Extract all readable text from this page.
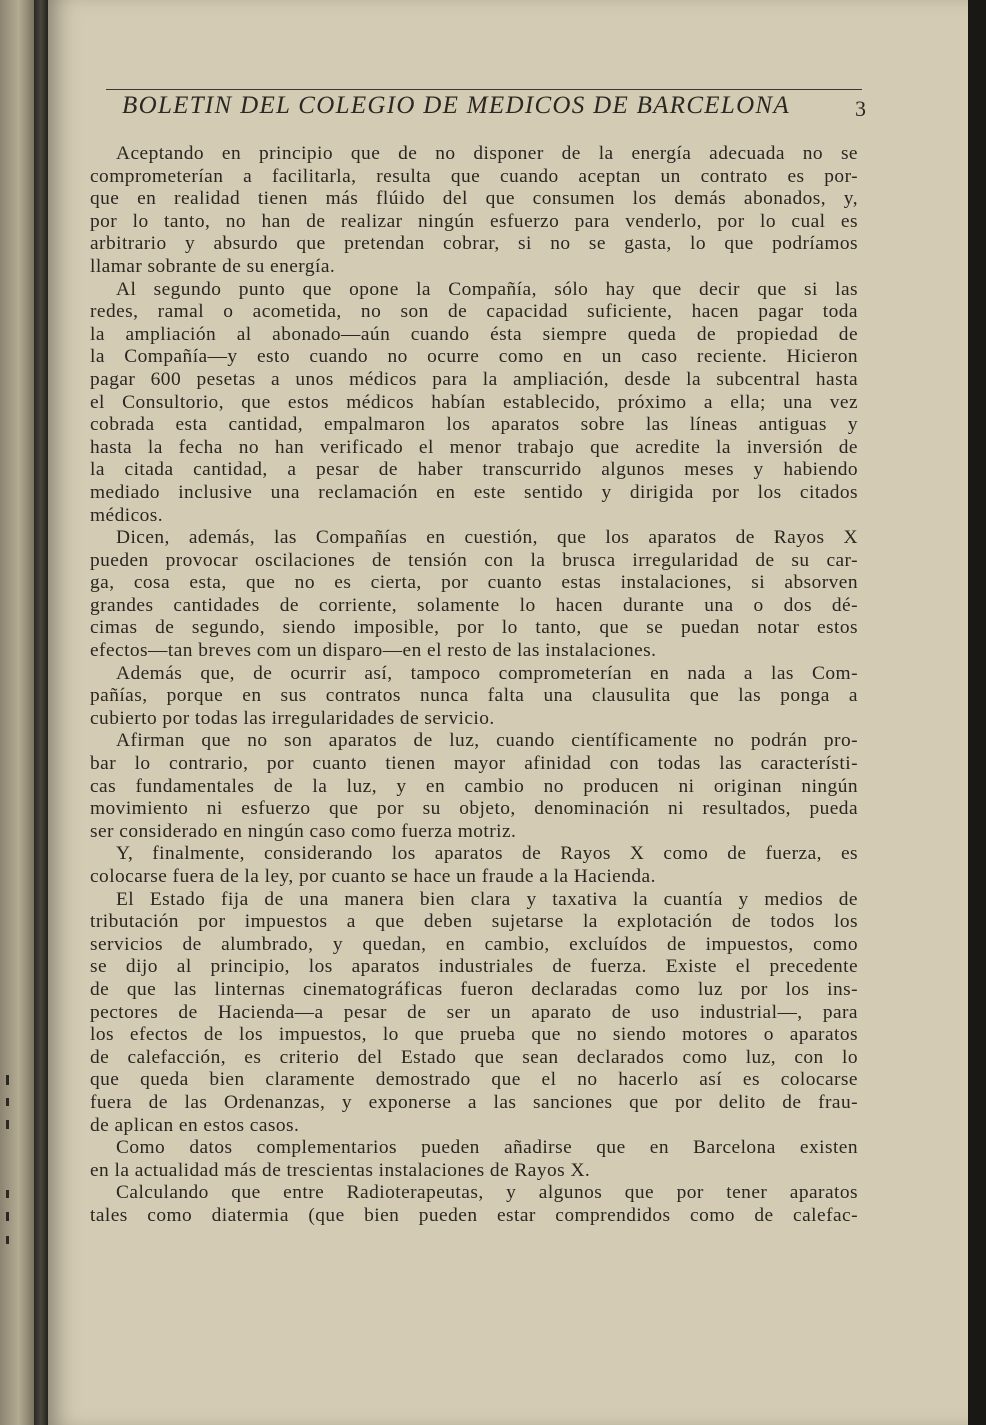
BOLETIN DEL COLEGIO DE MEDICOS DE BARCELONA	3
Aceptando en principio que de no disponer de la energía adecuada no se
comprometerían a facilitarla, resulta que cuando aceptan un contrato es por-
que en realidad tienen más flúido del que consumen los demás abonados, y,
por lo tanto, no han de realizar ningún esfuerzo para venderlo, por lo cual es
arbitrario y absurdo que pretendan cobrar, si no se gasta, lo que podríamos
llamar sobrante de su energía.
Al segundo punto que opone la Compañía, sólo hay que decir que si las
redes, ramal o acometida, no son de capacidad suficiente, hacen pagar toda
la ampliación al abonado—aún cuando ésta siempre queda de propiedad de
la Compañía—y esto cuando no ocurre como en un caso reciente. Hicieron
pagar 600 pesetas a unos médicos para la ampliación, desde la subcentral hasta
el Consultorio, que estos médicos habían establecido, próximo a ella; una vez
cobrada esta cantidad, empalmaron los aparatos sobre las líneas antiguas y
hasta la fecha no han verificado el menor trabajo que acredite la inversión de
la citada cantidad, a pesar de haber transcurrido algunos meses y habiendo
mediado inclusive una reclamación en este sentido y dirigida por los citados
médicos.
Dicen, además, las Compañías en cuestión, que los aparatos de Rayos X
pueden provocar oscilaciones de tensión con la brusca irregularidad de su car-
ga, cosa esta, que no es cierta, por cuanto estas instalaciones, si absorven
grandes cantidades de corriente, solamente lo hacen durante una o dos dé-
cimas de segundo, siendo imposible, por lo tanto, que se puedan notar estos
efectos—tan breves com un disparo—en el resto de las instalaciones.
Además que, de ocurrir así, tampoco comprometerían en nada a las Com-
pañías, porque en sus contratos nunca falta una clausulita que las ponga a
cubierto por todas las irregularidades de servicio.
Afirman que no son aparatos de luz, cuando científicamente no podrán pro-
bar lo contrario, por cuanto tienen mayor afinidad con todas las característi-
cas fundamentales de la luz, y en cambio no producen ni originan ningún
movimiento ni esfuerzo que por su objeto, denominación ni resultados, pueda
ser considerado en ningún caso como fuerza motriz.
Y, finalmente, considerando los aparatos de Rayos X como de fuerza, es
colocarse fuera de la ley, por cuanto se hace un fraude a la Hacienda.
El Estado fija de una manera bien clara y taxativa la cuantía y medios de
tributación por impuestos a que deben sujetarse la explotación de todos los
servicios de alumbrado, y quedan, en cambio, excluídos de impuestos, como
se dijo al principio, los aparatos industriales de fuerza. Existe el precedente
de que las linternas cinematográficas fueron declaradas como luz por los ins-
pectores de Hacienda—a pesar de ser un aparato de uso industrial—, para
los efectos de los impuestos, lo que prueba que no siendo motores o aparatos
de calefacción, es criterio del Estado que sean declarados como luz, con lo
que queda bien claramente demostrado que el no hacerlo así es colocarse
fuera de las Ordenanzas, y exponerse a las sanciones que por delito de frau-
de aplican en estos casos.
Como datos complementarios pueden añadirse que en Barcelona existen
en la actualidad más de trescientas instalaciones de Rayos X.
Calculando que entre Radioterapeutas, y algunos que por tener aparatos
tales como diatermia (que bien pueden estar comprendidos como de calefac-
